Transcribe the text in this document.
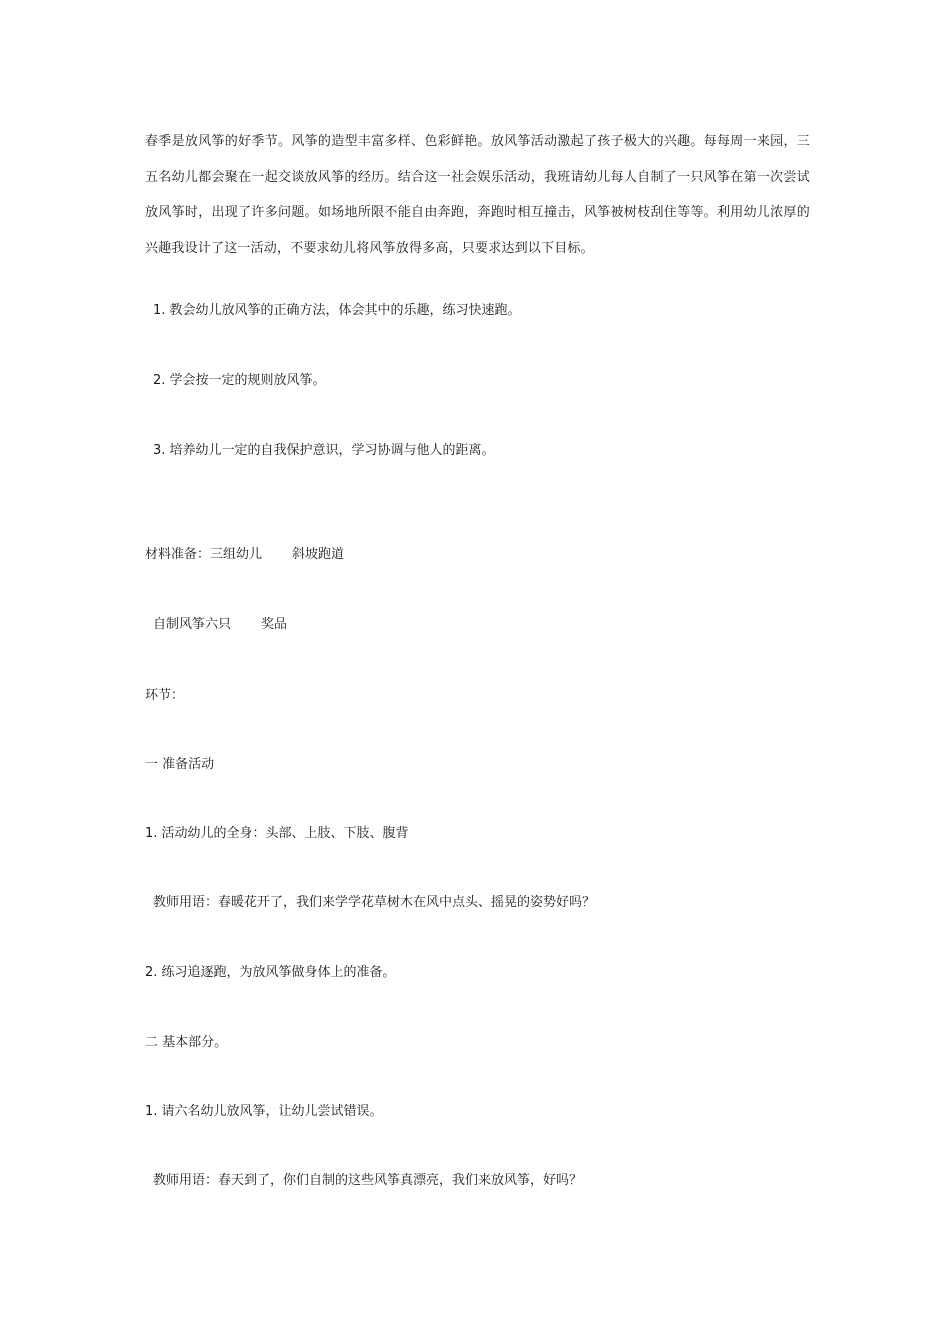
春季是放风筝的好季节。风筝的造型丰富多样、色彩鲜艳。放风筝活动激起了孩子极大的兴趣。每每周一来园，三五名幼儿都会聚在一起交谈放风筝的经历。结合这一社会娱乐活动，我班请幼儿每人自制了一只风筝在第一次尝试放风筝时，出现了许多问题。如场地所限不能自由奔跑，奔跑时相互撞击，风筝被树枝刮住等等。利用幼儿浓厚的兴趣我设计了这一活动，不要求幼儿将风筝放得多高，只要求达到以下目标。

1. 教会幼儿放风筝的正确方法，体会其中的乐趣，练习快速跑。

2. 学会按一定的规则放风筝。

3. 培养幼儿一定的自我保护意识，学习协调与他人的距离。

材料准备：三组幼儿 斜坡跑道

自制风筝六只 奖品

环节：

一 准备活动

1. 活动幼儿的全身：头部、上肢、下肢、腹背

教师用语：春暖花开了，我们来学学花草树木在风中点头、摇晃的姿势好吗？

2. 练习追逐跑，为放风筝做身体上的准备。

二 基本部分。

1. 请六名幼儿放风筝，让幼儿尝试错误。

教师用语：春天到了，你们自制的这些风筝真漂亮，我们来放风筝，好吗？
